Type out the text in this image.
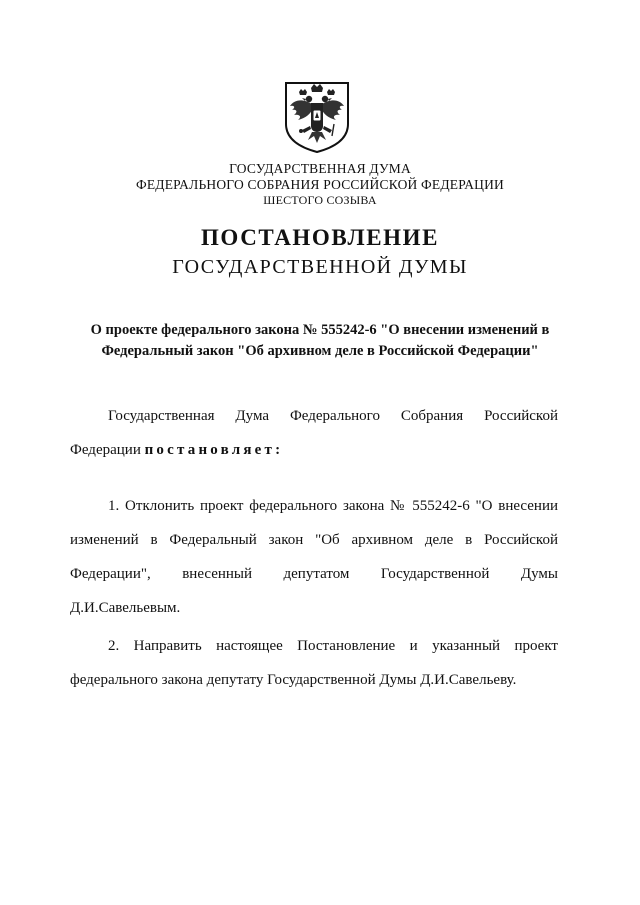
ГОСУДАРСТВЕННАЯ ДУМА
ФЕДЕРАЛЬНОГО СОБРАНИЯ РОССИЙСКОЙ ФЕДЕРАЦИИ
ШЕСТОГО СОЗЫВА
ПОСТАНОВЛЕНИЕ
ГОСУДАРСТВЕННОЙ ДУМЫ
О проекте федерального закона № 555242-6 "О внесении изменений в
Федеральный закон "Об архивном деле в Российской Федерации"
Государственная Дума Федерального Собрания Российской
Федерации постановляет:
1. Отклонить проект федерального закона № 555242-6 "О внесении
изменений в Федеральный закон "Об архивном деле в Российской
Федерации", внесенный депутатом Государственной Думы
Д.И.Савельевым.
2. Направить настоящее Постановление и указанный проект
федерального закона депутату Государственной Думы Д.И.Савельеву.
